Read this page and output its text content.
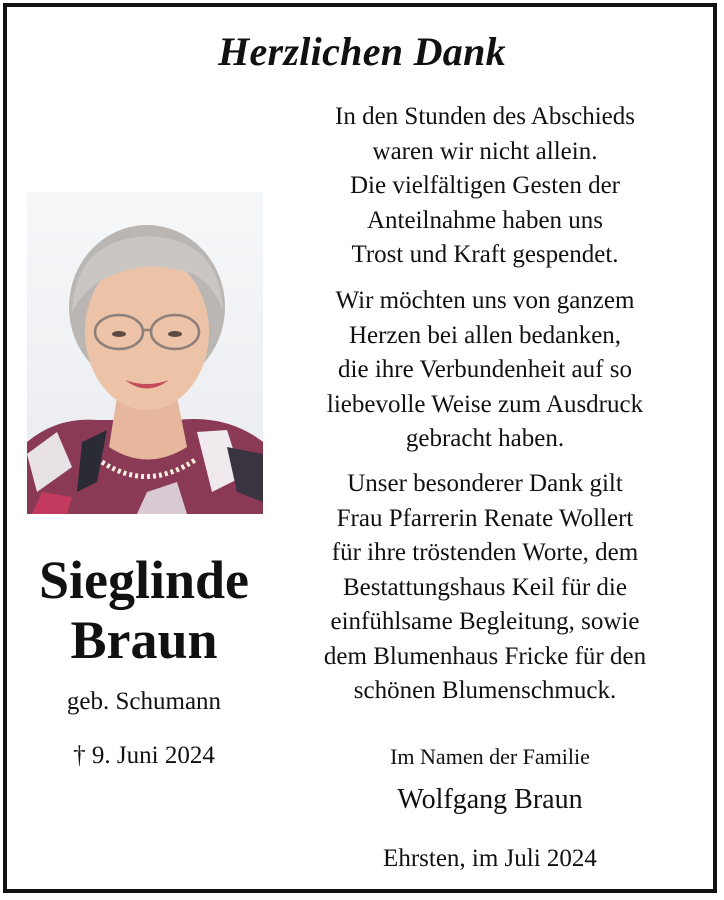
Herzlichen Dank
In den Stunden des Abschieds
waren wir nicht allein.
Die vielfältigen Gesten der
Anteilnahme haben uns
Trost und Kraft gespendet.
Wir möchten uns von ganzem
Herzen bei allen bedanken,
die ihre Verbundenheit auf so
liebevolle Weise zum Ausdruck
gebracht haben.
Unser besonderer Dank gilt
Frau Pfarrerin Renate Wollert
für ihre tröstenden Worte, dem
Bestattungshaus Keil für die
einfühlsame Begleitung, sowie
dem Blumenhaus Fricke für den
schönen Blumenschmuck.
Sieglinde
Braun
geb. Schumann
† 9. Juni 2024	Im Namen der Familie
Wolfgang Braun
Ehrsten, im Juli 2024
